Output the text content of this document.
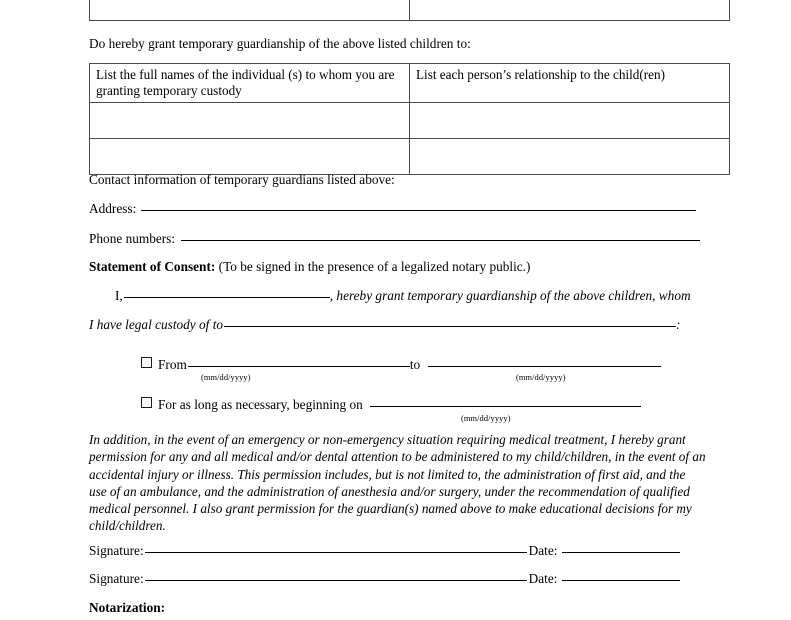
Do hereby grant temporary guardianship of the above listed children to:
List the full names of the individual (s) to whom you are granting temporary custody	List each person’s relationship to the child(ren)

Contact information of temporary guardians listed above:
Address:
Phone numbers:
Statement of Consent: (To be signed in the presence of a legalized notary public.)
I,	, hereby grant temporary guardianship of the above children, whom
I have legal custody of to	:
From	to
(mm/dd/yyyy)	(mm/dd/yyyy)
For as long as necessary, beginning on
(mm/dd/yyyy)
In addition, in the event of an emergency or non-emergency situation requiring medical treatment, I hereby grant permission for any and all medical and/or dental attention to be administered to my child/children, in the event of an accidental injury or illness. This permission includes, but is not limited to, the administration of first aid, and the use of an ambulance, and the administration of anesthesia and/or surgery, under the recommendation of qualified medical personnel. I also grant permission for the guardian(s) named above to make educational decisions for my child/children.
Signature:	Date:
Signature:	Date:
Notarization:
